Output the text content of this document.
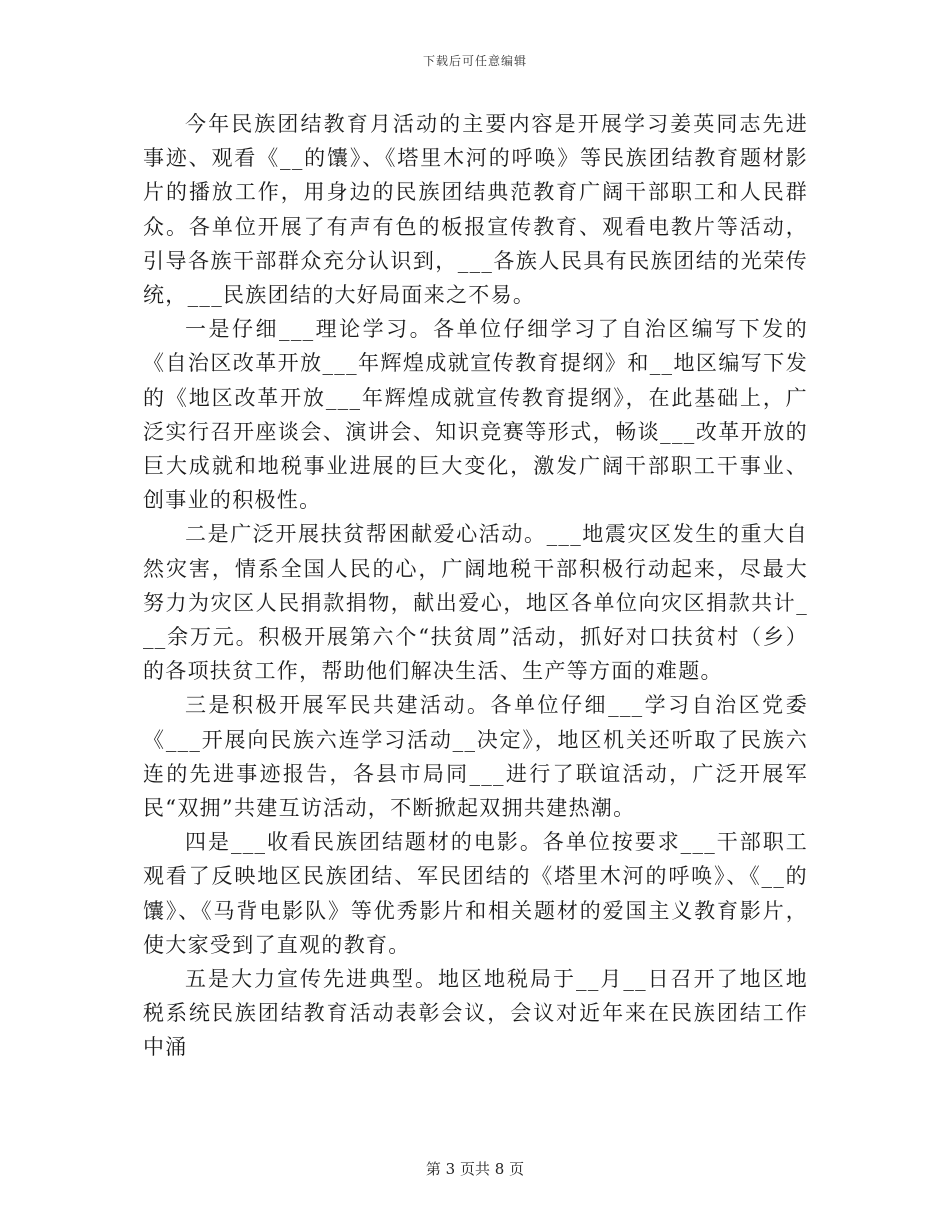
下载后可任意编辑

今年民族团结教育月活动的主要内容是开展学习姜英同志先进事迹、观看《__的馕》、《塔里木河的呼唤》等民族团结教育题材影片的播放工作，用身边的民族团结典范教育广阔干部职工和人民群众。各单位开展了有声有色的板报宣传教育、观看电教片等活动，引导各族干部群众充分认识到，___各族人民具有民族团结的光荣传统，___民族团结的大好局面来之不易。

一是仔细___理论学习。各单位仔细学习了自治区编写下发的《自治区改革开放___年辉煌成就宣传教育提纲》和__地区编写下发的《地区改革开放___年辉煌成就宣传教育提纲》，在此基础上，广泛实行召开座谈会、演讲会、知识竞赛等形式，畅谈___改革开放的巨大成就和地税事业进展的巨大变化，激发广阔干部职工干事业、创事业的积极性。

二是广泛开展扶贫帮困献爱心活动。___地震灾区发生的重大自然灾害，情系全国人民的心，广阔地税干部积极行动起来，尽最大努力为灾区人民捐款捐物，献出爱心，地区各单位向灾区捐款共计___余万元。积极开展第六个“扶贫周”活动，抓好对口扶贫村（乡）的各项扶贫工作，帮助他们解决生活、生产等方面的难题。

三是积极开展军民共建活动。各单位仔细___学习自治区党委《___开展向民族六连学习活动__决定》，地区机关还听取了民族六连的先进事迹报告，各县市局同___进行了联谊活动，广泛开展军民“双拥”共建互访活动，不断掀起双拥共建热潮。

四是___收看民族团结题材的电影。各单位按要求___干部职工观看了反映地区民族团结、军民团结的《塔里木河的呼唤》、《__的馕》、《马背电影队》等优秀影片和相关题材的爱国主义教育影片，使大家受到了直观的教育。

五是大力宣传先进典型。地区地税局于__月__日召开了地区地税系统民族团结教育活动表彰会议，会议对近年来在民族团结工作中涌

第 3 页共 8 页
